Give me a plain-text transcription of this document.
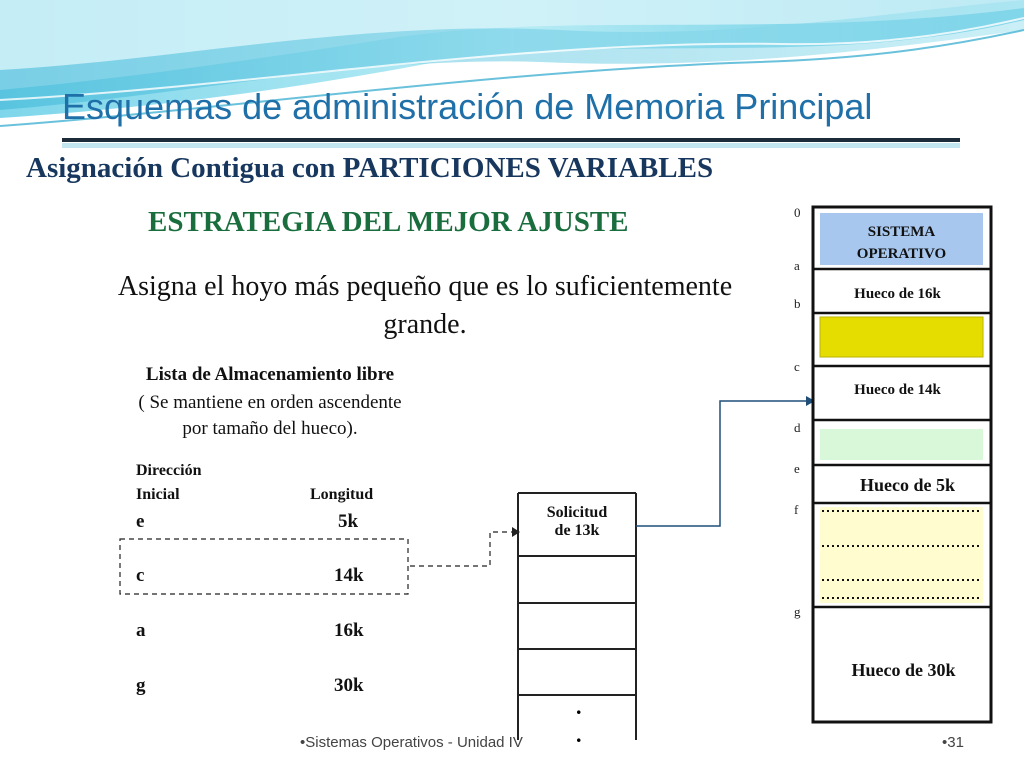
Esquemas de administración de Memoria Principal
Asignación Contigua con PARTICIONES VARIABLES
ESTRATEGIA DEL MEJOR AJUSTE
Asigna el hoyo más pequeño que es lo suficientemente grande.
Lista de Almacenamiento libre
( Se mantiene en orden ascendente
por tamaño del hueco).
Dirección
Inicial	Longitud
e	5k
c	14k
a	16k
g	30k
Solicitud
de 13k
.
.
0
a
b
c
d
e
f
g
SISTEMA
OPERATIVO
Hueco de 16k
Hueco de 14k
Hueco de 5k
Hueco de 30k
•Sistemas Operativos - Unidad IV	•31
